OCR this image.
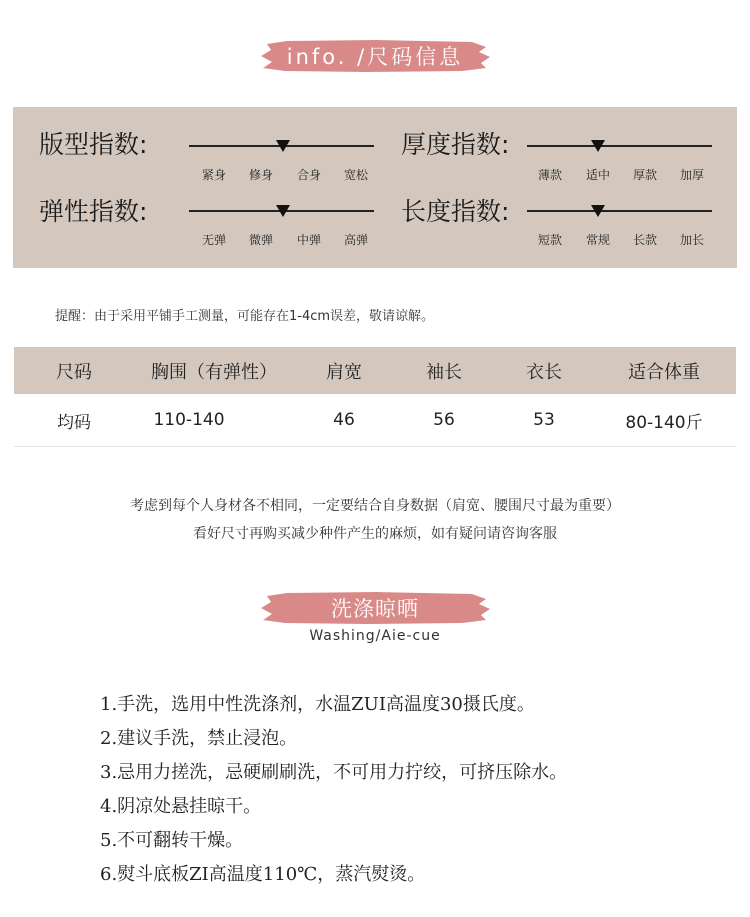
info. /尺码信息
版型指数:
紧身 修身 合身 宽松
厚度指数:
薄款 适中 厚款 加厚
弹性指数:
无弹 微弹 中弹 高弹
长度指数:
短款 常规 长款 加长
提醒：由于采用平铺手工测量，可能存在1-4cm误差，敬请谅解。
尺码	胸围（有弹性）	肩宽	袖长	衣长	适合体重
均码	110-140	46	56	53	80-140斤
考虑到每个人身材各不相同，一定要结合自身数据（肩宽、腰围尺寸最为重要）
看好尺寸再购买减少种件产生的麻烦，如有疑问请咨询客服
洗涤晾晒
Washing/Aie-cue
1.手洗，选用中性洗涤剂，水温ZUI高温度30摄氏度。
2.建议手洗，禁止浸泡。
3.忌用力搓洗，忌硬刷刷洗，不可用力拧绞，可挤压除水。
4.阴凉处悬挂晾干。
5.不可翻转干燥。
6.熨斗底板ZI高温度110℃，蒸汽熨烫。
